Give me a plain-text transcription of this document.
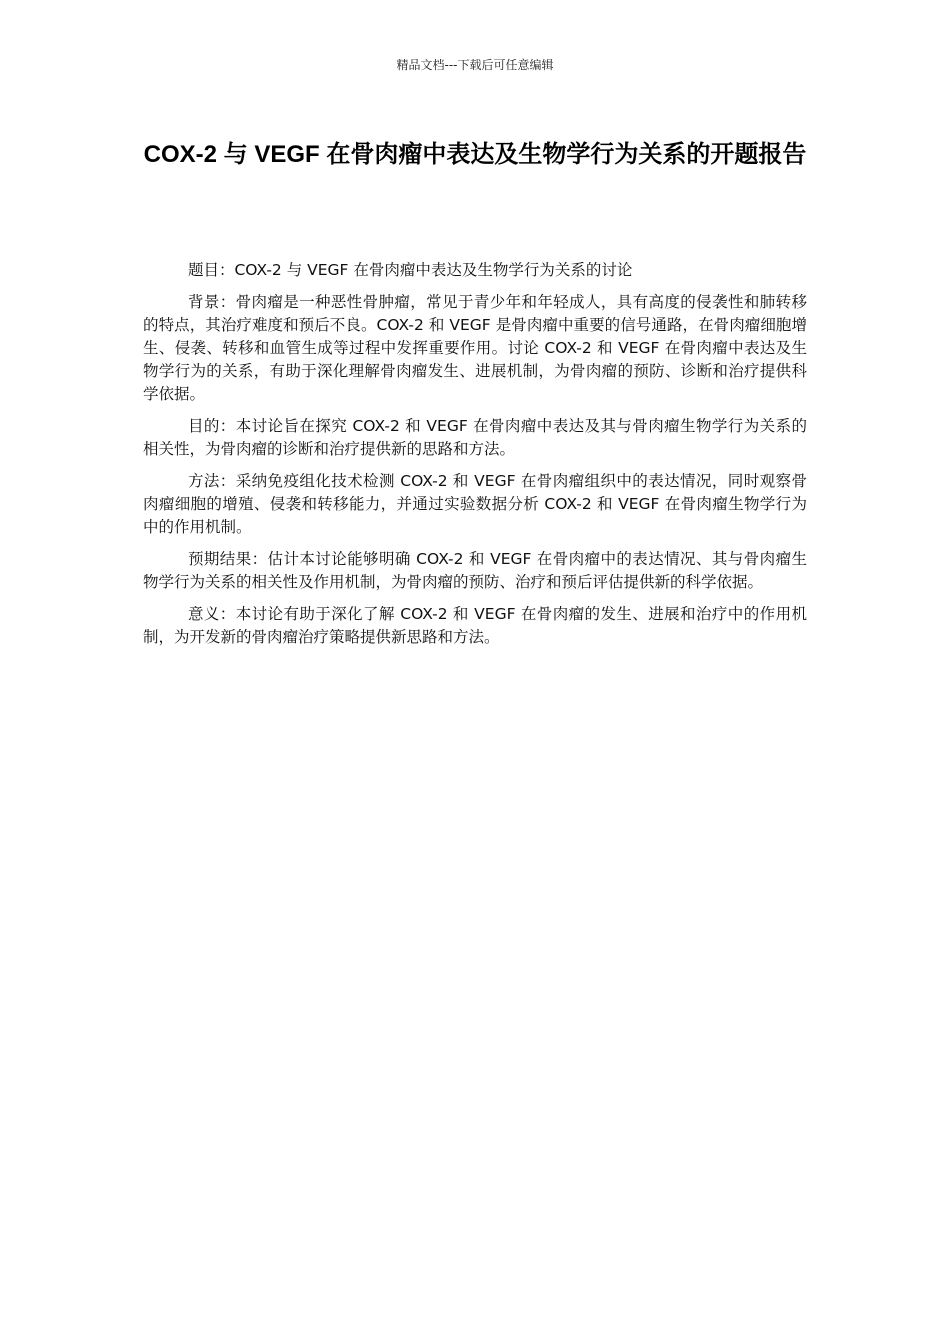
精品文档---下载后可任意编辑
COX-2 与 VEGF 在骨肉瘤中表达及生物学行为关系的开题报告

题目：COX-2 与 VEGF 在骨肉瘤中表达及生物学行为关系的讨论

背景：骨肉瘤是一种恶性骨肿瘤，常见于青少年和年轻成人，具有高度的侵袭性和肺转移的特点，其治疗难度和预后不良。COX-2 和 VEGF 是骨肉瘤中重要的信号通路，在骨肉瘤细胞增生、侵袭、转移和血管生成等过程中发挥重要作用。讨论 COX-2 和 VEGF 在骨肉瘤中表达及生物学行为的关系，有助于深化理解骨肉瘤发生、进展机制，为骨肉瘤的预防、诊断和治疗提供科学依据。

目的：本讨论旨在探究 COX-2 和 VEGF 在骨肉瘤中表达及其与骨肉瘤生物学行为关系的相关性，为骨肉瘤的诊断和治疗提供新的思路和方法。

方法：采纳免疫组化技术检测 COX-2 和 VEGF 在骨肉瘤组织中的表达情况，同时观察骨肉瘤细胞的增殖、侵袭和转移能力，并通过实验数据分析 COX-2 和 VEGF 在骨肉瘤生物学行为中的作用机制。

预期结果：估计本讨论能够明确 COX-2 和 VEGF 在骨肉瘤中的表达情况、其与骨肉瘤生物学行为关系的相关性及作用机制，为骨肉瘤的预防、治疗和预后评估提供新的科学依据。

意义：本讨论有助于深化了解 COX-2 和 VEGF 在骨肉瘤的发生、进展和治疗中的作用机制，为开发新的骨肉瘤治疗策略提供新思路和方法。
